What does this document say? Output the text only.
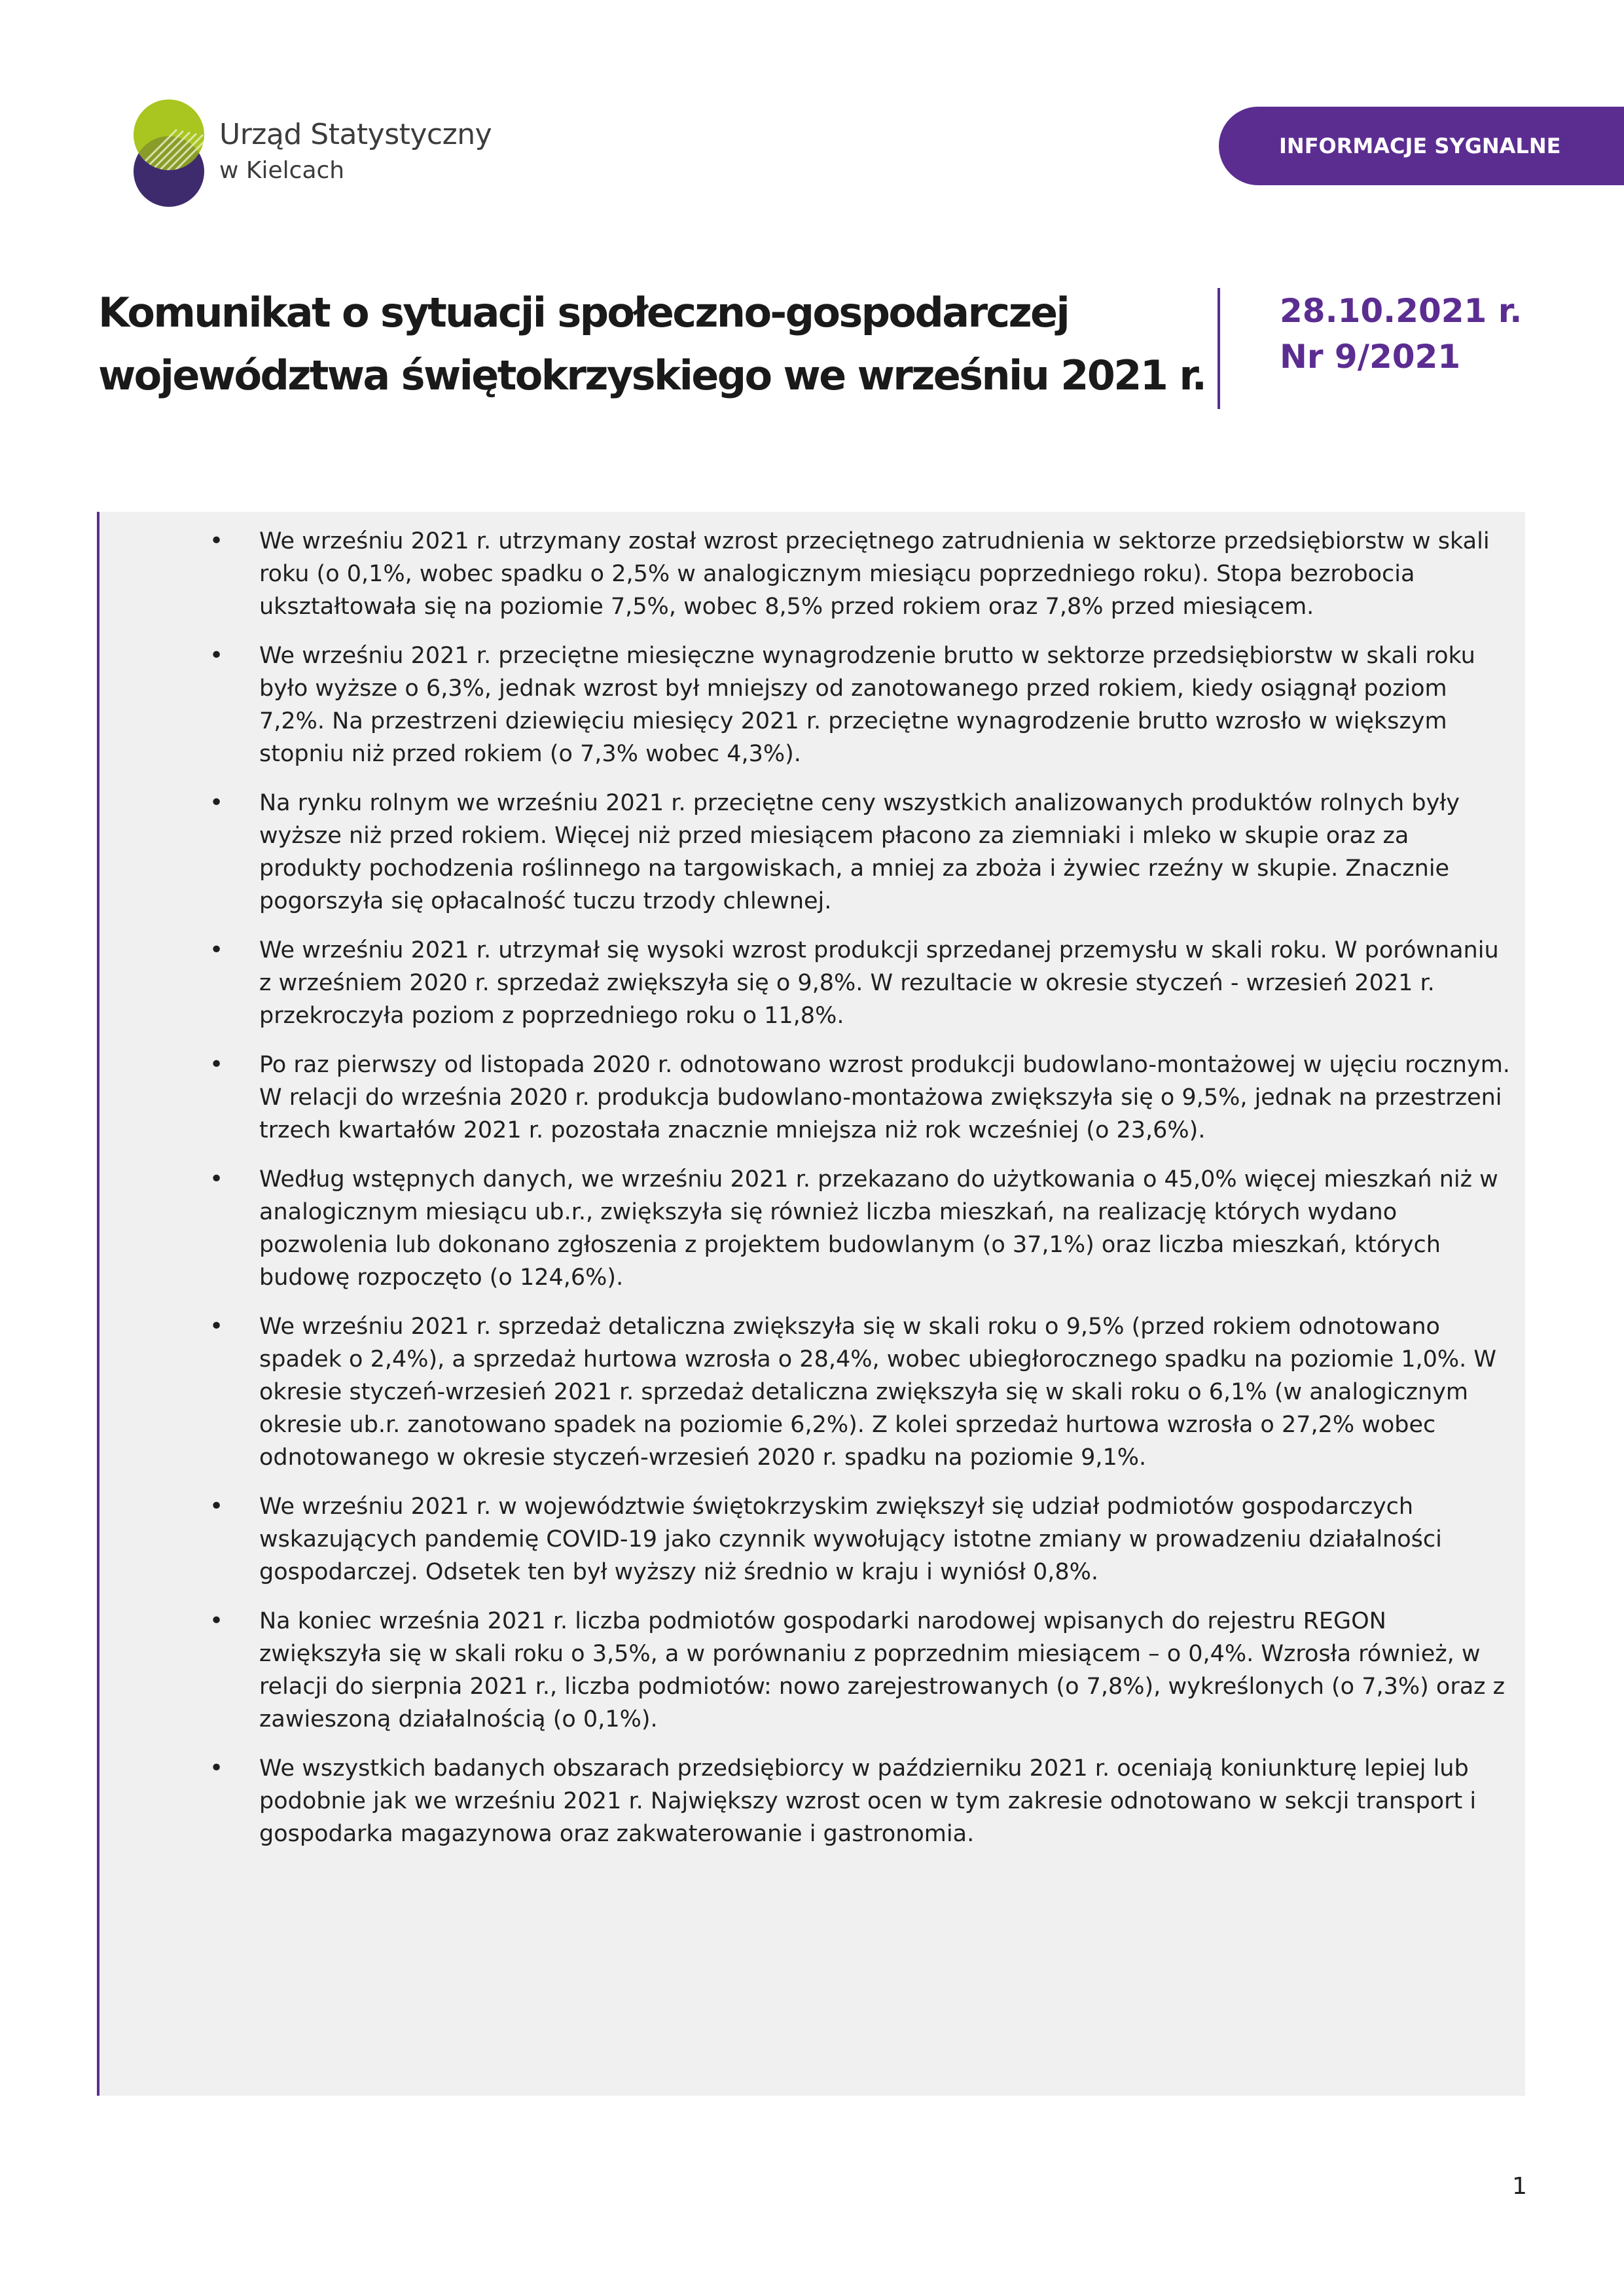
Urząd Statystyczny
w Kielcach
INFORMACJE SYGNALNE
Komunikat o sytuacji społeczno-gospodarczej
województwa świętokrzyskiego we wrześniu 2021 r.
28.10.2021 r.
Nr 9/2021
• We wrześniu 2021 r. utrzymany został wzrost przeciętnego zatrudnienia w sektorze przedsiębiorstw w skali roku (o 0,1%, wobec spadku o 2,5% w analogicznym miesiącu poprzedniego roku). Stopa bezrobocia ukształtowała się na poziomie 7,5%, wobec 8,5% przed rokiem oraz 7,8% przed miesiącem.
• We wrześniu 2021 r. przeciętne miesięczne wynagrodzenie brutto w sektorze przedsiębiorstw w skali roku było wyższe o 6,3%, jednak wzrost był mniejszy od zanotowanego przed rokiem, kiedy osiągnął poziom 7,2%. Na przestrzeni dziewięciu miesięcy 2021 r. przeciętne wynagrodzenie brutto wzrosło w większym stopniu niż przed rokiem (o 7,3% wobec 4,3%).
• Na rynku rolnym we wrześniu 2021 r. przeciętne ceny wszystkich analizowanych produktów rolnych były wyższe niż przed rokiem. Więcej niż przed miesiącem płacono za ziemniaki i mleko w skupie oraz za produkty pochodzenia roślinnego na targowiskach, a mniej za zboża i żywiec rzeźny w skupie. Znacznie pogorszyła się opłacalność tuczu trzody chlewnej.
• We wrześniu 2021 r. utrzymał się wysoki wzrost produkcji sprzedanej przemysłu w skali roku. W porównaniu z wrześniem 2020 r. sprzedaż zwiększyła się o 9,8%. W rezultacie w okresie styczeń - wrzesień 2021 r. przekroczyła poziom z poprzedniego roku o 11,8%.
• Po raz pierwszy od listopada 2020 r. odnotowano wzrost produkcji budowlano-montażowej w ujęciu rocznym. W relacji do września 2020 r. produkcja budowlano-montażowa zwiększyła się o 9,5%, jednak na przestrzeni trzech kwartałów 2021 r. pozostała znacznie mniejsza niż rok wcześniej (o 23,6%).
• Według wstępnych danych, we wrześniu 2021 r. przekazano do użytkowania o 45,0% więcej mieszkań niż w analogicznym miesiącu ub.r., zwiększyła się również liczba mieszkań, na realizację których wydano pozwolenia lub dokonano zgłoszenia z projektem budowlanym (o 37,1%) oraz liczba mieszkań, których budowę rozpoczęto (o 124,6%).
• We wrześniu 2021 r. sprzedaż detaliczna zwiększyła się w skali roku o 9,5% (przed rokiem odnotowano spadek o 2,4%), a sprzedaż hurtowa wzrosła o 28,4%, wobec ubiegłorocznego spadku na poziomie 1,0%. W okresie styczeń-wrzesień 2021 r. sprzedaż detaliczna zwiększyła się w skali roku o 6,1% (w analogicznym okresie ub.r. zanotowano spadek na poziomie 6,2%). Z kolei sprzedaż hurtowa wzrosła o 27,2% wobec odnotowanego w okresie styczeń-wrzesień 2020 r. spadku na poziomie 9,1%.
• We wrześniu 2021 r. w województwie świętokrzyskim zwiększył się udział podmiotów gospodarczych wskazujących pandemię COVID-19 jako czynnik wywołujący istotne zmiany w prowadzeniu działalności gospodarczej. Odsetek ten był wyższy niż średnio w kraju i wyniósł 0,8%.
• Na koniec września 2021 r. liczba podmiotów gospodarki narodowej wpisanych do rejestru REGON zwiększyła się w skali roku o 3,5%, a w porównaniu z poprzednim miesiącem – o 0,4%. Wzrosła również, w relacji do sierpnia 2021 r., liczba podmiotów: nowo zarejestrowanych (o 7,8%), wykreślonych (o 7,3%) oraz z zawieszoną działalnością (o 0,1%).
• We wszystkich badanych obszarach przedsiębiorcy w październiku 2021 r. oceniają koniunkturę lepiej lub podobnie jak we wrześniu 2021 r. Największy wzrost ocen w tym zakresie odnotowano w sekcji transport i gospodarka magazynowa oraz zakwaterowanie i gastronomia.
1
